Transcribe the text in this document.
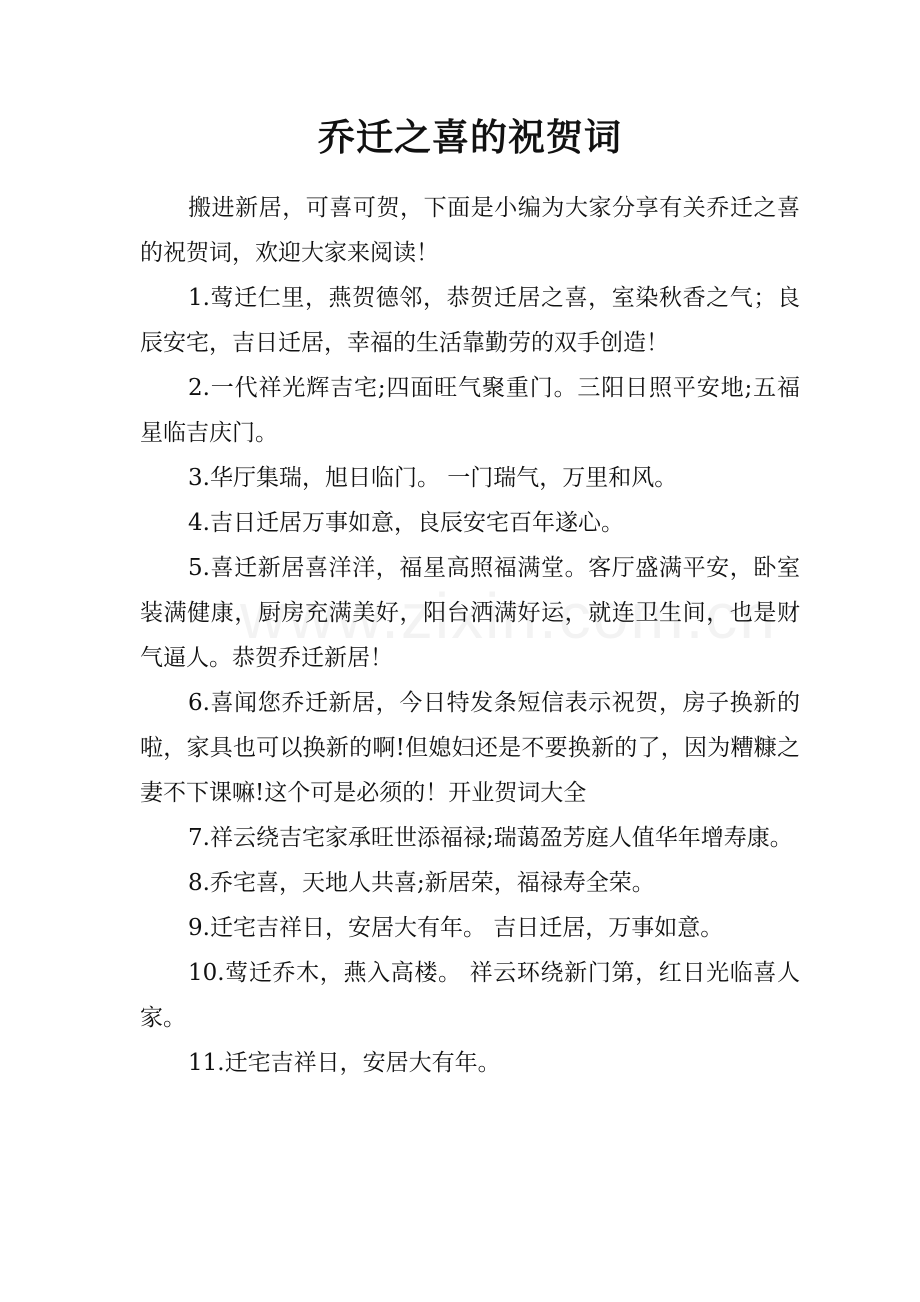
乔迁之喜的祝贺词

搬进新居，可喜可贺，下面是小编为大家分享有关乔迁之喜的祝贺词，欢迎大家来阅读！

1.莺迁仁里，燕贺德邻，恭贺迁居之喜，室染秋香之气；良辰安宅，吉日迁居，幸福的生活靠勤劳的双手创造！

2.一代祥光辉吉宅;四面旺气聚重门。三阳日照平安地;五福星临吉庆门。

3.华厅集瑞，旭日临门。 一门瑞气，万里和风。

4.吉日迁居万事如意，良辰安宅百年遂心。

5.喜迁新居喜洋洋，福星高照福满堂。客厅盛满平安，卧室装满健康，厨房充满美好，阳台洒满好运，就连卫生间，也是财气逼人。恭贺乔迁新居！

6.喜闻您乔迁新居，今日特发条短信表示祝贺，房子换新的啦，家具也可以换新的啊!但媳妇还是不要换新的了，因为糟糠之妻不下课嘛!这个可是必须的！开业贺词大全

7.祥云绕吉宅家承旺世添福禄;瑞蔼盈芳庭人值华年增寿康。

8.乔宅喜，天地人共喜;新居荣，福禄寿全荣。

9.迁宅吉祥日，安居大有年。 吉日迁居，万事如意。

10.莺迁乔木，燕入高楼。 祥云环绕新门第，红日光临喜人家。

11.迁宅吉祥日，安居大有年。
